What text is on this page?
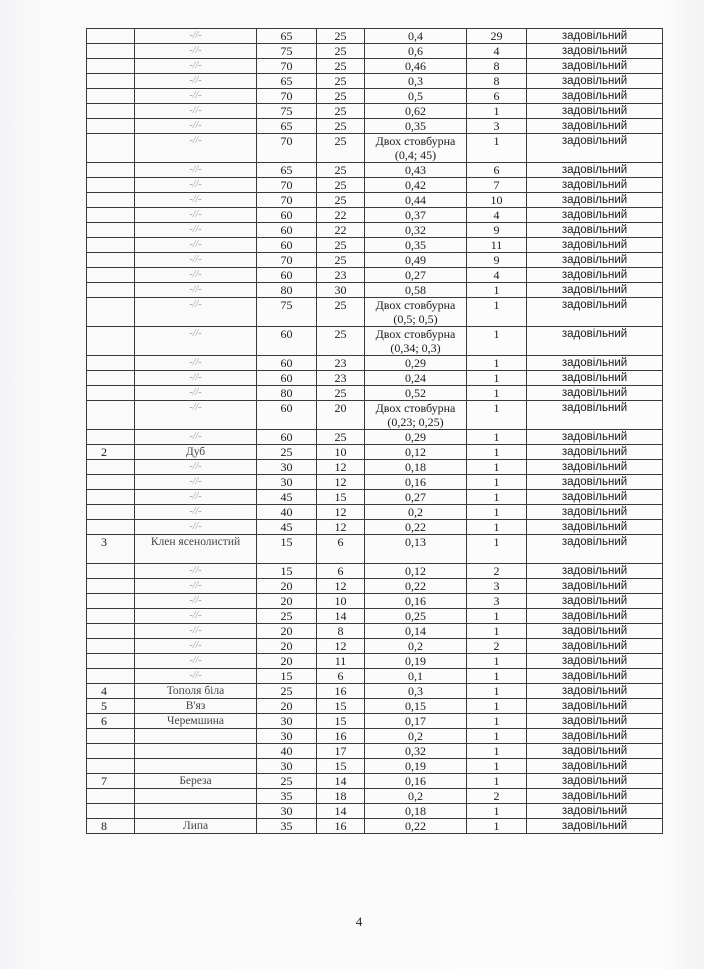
	-//-	65	25	0,4	29	задовільний
	-//-	75	25	0,6	4	задовільний
	-//-	70	25	0,46	8	задовільний
	-//-	65	25	0,3	8	задовільний
	-//-	70	25	0,5	6	задовільний
	-//-	75	25	0,62	1	задовільний
	-//-	65	25	0,35	3	задовільний
	-//-	70	25	Двох стовбурна (0,4; 45)	1	задовільний
	-//-	65	25	0,43	6	задовільний
	-//-	70	25	0,42	7	задовільний
	-//-	70	25	0,44	10	задовільний
	-//-	60	22	0,37	4	задовільний
	-//-	60	22	0,32	9	задовільний
	-//-	60	25	0,35	11	задовільний
	-//-	70	25	0,49	9	задовільний
	-//-	60	23	0,27	4	задовільний
	-//-	80	30	0,58	1	задовільний
	-//-	75	25	Двох стовбурна (0,5; 0,5)	1	задовільний
	-//-	60	25	Двох стовбурна (0,34; 0,3)	1	задовільний
	-//-	60	23	0,29	1	задовільний
	-//-	60	23	0,24	1	задовільний
	-//-	80	25	0,52	1	задовільний
	-//-	60	20	Двох стовбурна (0,23; 0,25)	1	задовільний
	-//-	60	25	0,29	1	задовільний
2	Дуб	25	10	0,12	1	задовільний
	-//-	30	12	0,18	1	задовільний
	-//-	30	12	0,16	1	задовільний
	-//-	45	15	0,27	1	задовільний
	-//-	40	12	0,2	1	задовільний
	-//-	45	12	0,22	1	задовільний
3	Клен ясенолистий	15	6	0,13	1	задовільний
	-//-	15	6	0,12	2	задовільний
	-//-	20	12	0,22	3	задовільний
	-//-	20	10	0,16	3	задовільний
	-//-	25	14	0,25	1	задовільний
	-//-	20	8	0,14	1	задовільний
	-//-	20	12	0,2	2	задовільний
	-//-	20	11	0,19	1	задовільний
	-//-	15	6	0,1	1	задовільний
4	Тополя біла	25	16	0,3	1	задовільний
5	В'яз	20	15	0,15	1	задовільний
6	Черемшина	30	15	0,17	1	задовільний
		30	16	0,2	1	задовільний
		40	17	0,32	1	задовільний
		30	15	0,19	1	задовільний
7	Береза	25	14	0,16	1	задовільний
		35	18	0,2	2	задовільний
		30	14	0,18	1	задовільний
8	Липа	35	16	0,22	1	задовільний
4
